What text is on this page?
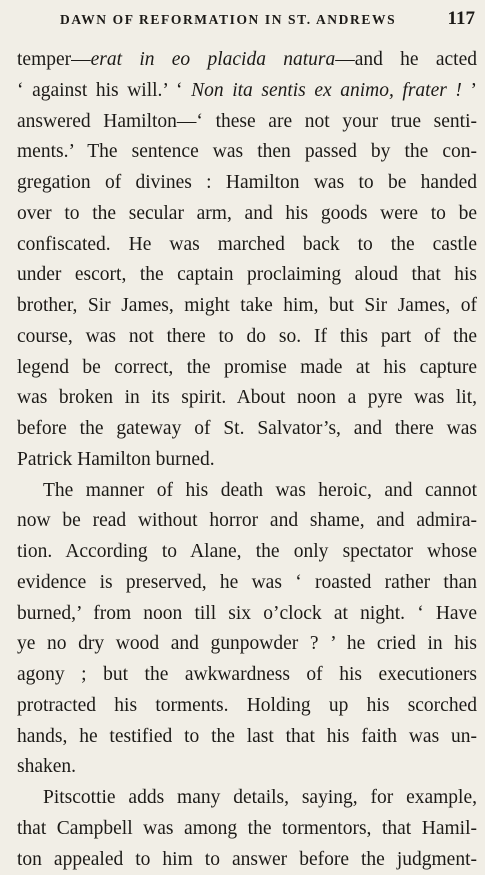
DAWN OF REFORMATION IN ST. ANDREWS	117
temper—erat in eo placida natura—and he acted
‘ against his will.’ ‘ Non ita sentis ex animo, frater ! ’
answered Hamilton—‘ these are not your true senti-
ments.’ The sentence was then passed by the con-
gregation of divines : Hamilton was to be handed
over to the secular arm, and his goods were to be
confiscated. He was marched back to the castle
under escort, the captain proclaiming aloud that his
brother, Sir James, might take him, but Sir James, of
course, was not there to do so. If this part of the
legend be correct, the promise made at his capture
was broken in its spirit. About noon a pyre was lit,
before the gateway of St. Salvator’s, and there was
Patrick Hamilton burned.
The manner of his death was heroic, and cannot
now be read without horror and shame, and admira-
tion. According to Alane, the only spectator whose
evidence is preserved, he was ‘ roasted rather than
burned,’ from noon till six o’clock at night. ‘ Have
ye no dry wood and gunpowder ? ’ he cried in his
agony ; but the awkwardness of his executioners
protracted his torments. Holding up his scorched
hands, he testified to the last that his faith was un-
shaken.
Pitscottie adds many details, saying, for example,
that Campbell was among the tormentors, that Hamil-
ton appealed to him to answer before the judgment-
